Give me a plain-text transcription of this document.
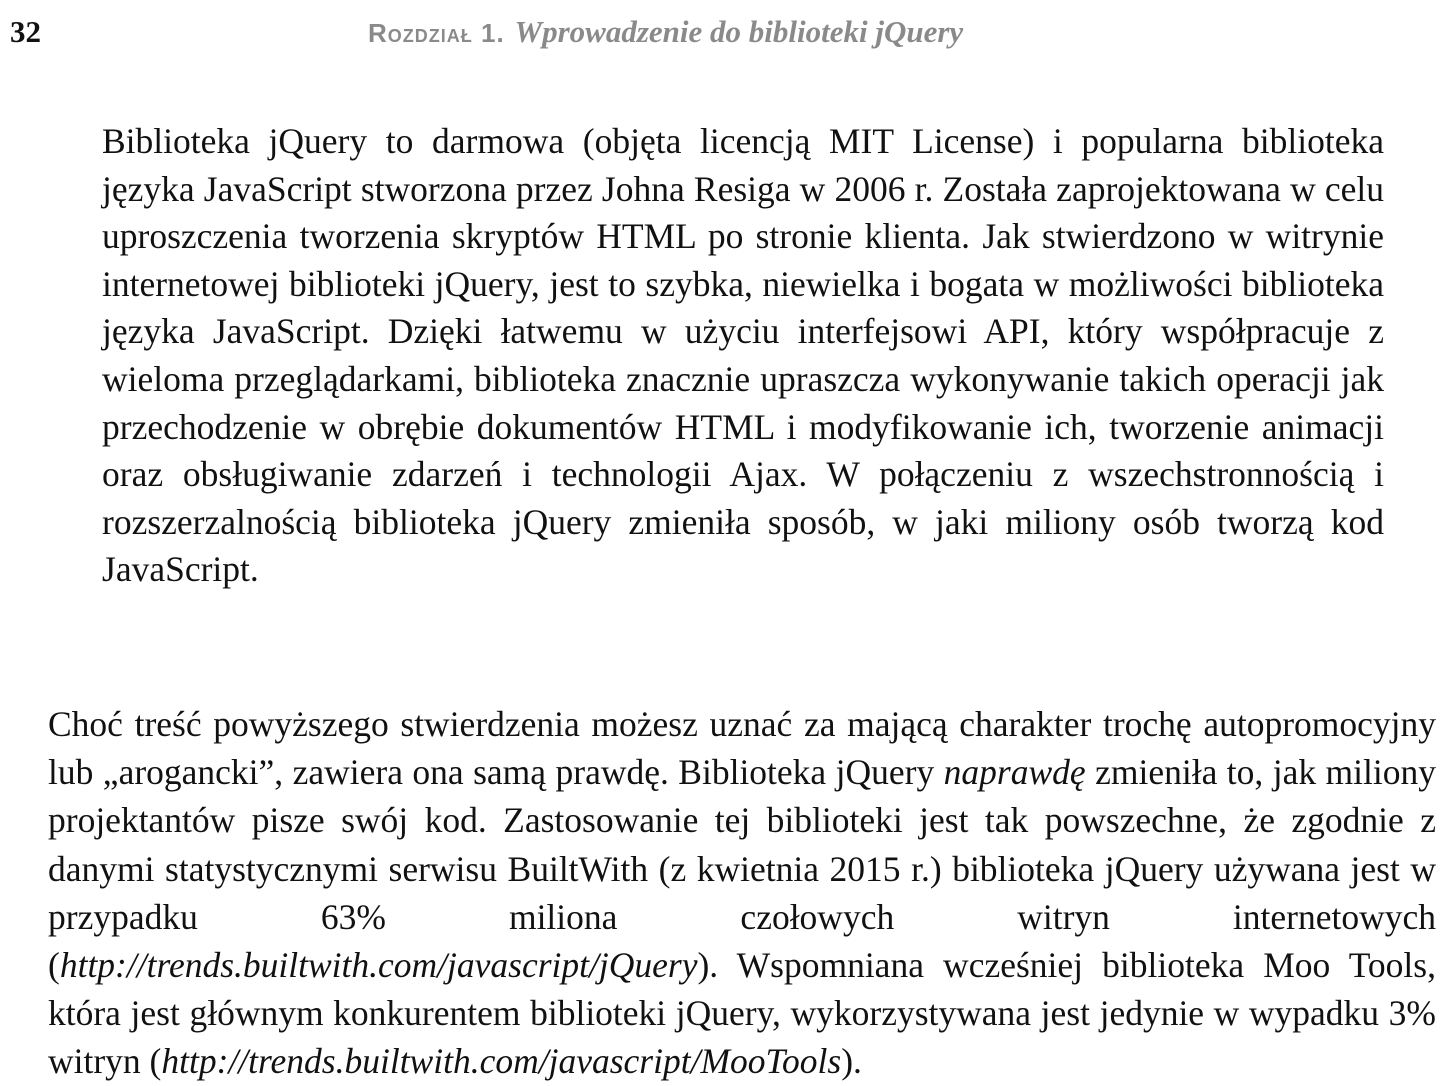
32	Rozdział 1. Wprowadzenie do biblioteki jQuery

Biblioteka jQuery to darmowa (objęta licencją MIT License) i popularna biblioteka języka JavaScript stworzona przez Johna Resiga w 2006 r. Została zaprojektowana w celu uproszczenia tworzenia skryptów HTML po stronie klienta. Jak stwierdzono w witrynie internetowej biblioteki jQuery, jest to szybka, niewielka i bogata w możliwości biblioteka języka JavaScript. Dzięki łatwemu w użyciu interfejsowi API, który współpracuje z wieloma przeglądarkami, biblioteka znacznie upraszcza wykonywanie takich operacji jak przechodzenie w obrębie dokumentów HTML i modyfikowanie ich, tworzenie animacji oraz obsługiwanie zdarzeń i technologii Ajax. W połączeniu z wszechstronnością i rozszerzalnością biblioteka jQuery zmieniła sposób, w jaki miliony osób tworzą kod JavaScript.

Choć treść powyższego stwierdzenia możesz uznać za mającą charakter trochę autopromocyjny lub „arogancki”, zawiera ona samą prawdę. Biblioteka jQuery naprawdę zmieniła to, jak miliony projektantów pisze swój kod. Zastosowanie tej biblioteki jest tak powszechne, że zgodnie z danymi statystycznymi serwisu BuiltWith (z kwietnia 2015 r.) biblioteka jQuery używana jest w przypadku 63% miliona czołowych witryn internetowych (http://trends.builtwith.com/javascript/jQuery). Wspomniana wcześniej biblioteka Moo Tools, która jest głównym konkurentem biblioteki jQuery, wykorzystywana jest jedynie w wypadku 3% witryn (http://trends.builtwith.com/javascript/MooTools).
